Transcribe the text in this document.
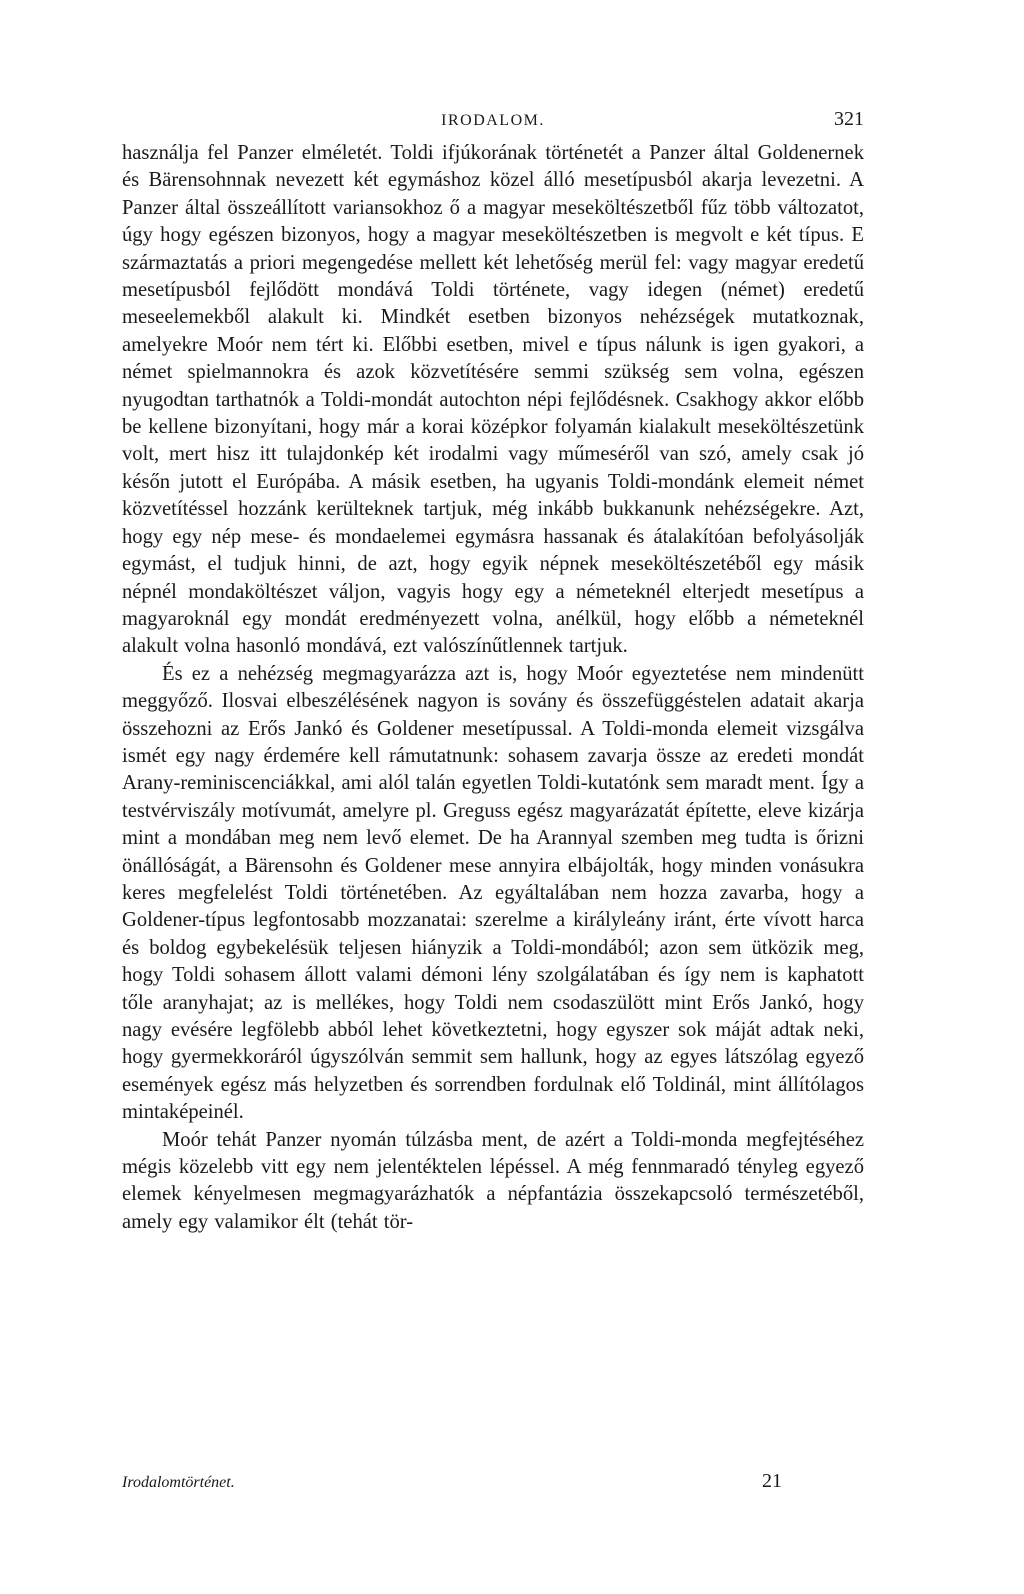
IRODALOM.	321

használja fel Panzer elméletét. Toldi ifjúkorának történetét a Panzer által Goldenernek és Bärensohnnak nevezett két egymáshoz közel álló mesetípusból akarja levezetni. A Panzer által összeállított variansokhoz ő a magyar meseköltészetből fűz több változatot, úgy hogy egészen bizonyos, hogy a magyar meseköltészetben is megvolt e két típus. E származtatás a priori megengedése mellett két lehetőség merül fel: vagy magyar eredetű mesetípusból fejlődött mondává Toldi története, vagy idegen (német) eredetű meseelemekből alakult ki. Mindkét esetben bizonyos nehézségek mutatkoznak, amelyekre Moór nem tért ki. Előbbi esetben, mivel e típus nálunk is igen gyakori, a német spielmannokra és azok közvetítésére semmi szükség sem volna, egészen nyugodtan tarthatnók a Toldi-mondát autochton népi fejlődésnek. Csakhogy akkor előbb be kellene bizonyítani, hogy már a korai középkor folyamán kialakult meseköltészetünk volt, mert hisz itt tulajdonkép két irodalmi vagy műmeséről van szó, amely csak jó későn jutott el Európába. A másik esetben, ha ugyanis Toldi-mondánk elemeit német közvetítéssel hozzánk kerülteknek tartjuk, még inkább bukkanunk nehézségekre. Azt, hogy egy nép mese- és mondaelemei egymásra hassanak és átalakítóan befolyásolják egymást, el tudjuk hinni, de azt, hogy egyik népnek meseköltészetéből egy másik népnél mondaköltészet váljon, vagyis hogy egy a németeknél elterjedt mesetípus a magyaroknál egy mondát eredményezett volna, anélkül, hogy előbb a németeknél alakult volna hasonló mondává, ezt valószínűtlennek tartjuk.

És ez a nehézség megmagyarázza azt is, hogy Moór egyeztetése nem mindenütt meggyőző. Ilosvai elbeszélésének nagyon is sovány és összefüggéstelen adatait akarja összehozni az Erős Jankó és Goldener mesetípussal. A Toldi-monda elemeit vizsgálva ismét egy nagy érdemére kell rámutatnunk: sohasem zavarja össze az eredeti mondát Arany-reminiscenciákkal, ami alól talán egyetlen Toldi-kutatónk sem maradt ment. Így a testvérviszály motívumát, amelyre pl. Greguss egész magyarázatát építette, eleve kizárja mint a mondában meg nem levő elemet. De ha Arannyal szemben meg tudta is őrizni önállóságát, a Bärensohn és Goldener mese annyira elbájolták, hogy minden vonásukra keres megfelelést Toldi történetében. Az egyáltalában nem hozza zavarba, hogy a Goldener-típus legfontosabb mozzanatai: szerelme a királyleány iránt, érte vívott harca és boldog egybekelésük teljesen hiányzik a Toldi-mondából; azon sem ütközik meg, hogy Toldi sohasem állott valami démoni lény szolgálatában és így nem is kaphatott tőle aranyhajat; az is mellékes, hogy Toldi nem csodaszülött mint Erős Jankó, hogy nagy evésére legfölebb abból lehet következtetni, hogy egyszer sok máját adtak neki, hogy gyermekkoráról úgyszólván semmit sem hallunk, hogy az egyes látszólag egyező események egész más helyzetben és sorrendben fordulnak elő Toldinál, mint állítólagos mintaképeinél.

Moór tehát Panzer nyomán túlzásba ment, de azért a Toldi-monda megfejtéséhez mégis közelebb vitt egy nem jelentéktelen lépéssel. A még fennmaradó tényleg egyező elemek kényelmesen megmagyarázhatók a népfantázia összekapcsoló természetéből, amely egy valamikor élt (tehát tör-

Irodalomtörténet.	21
